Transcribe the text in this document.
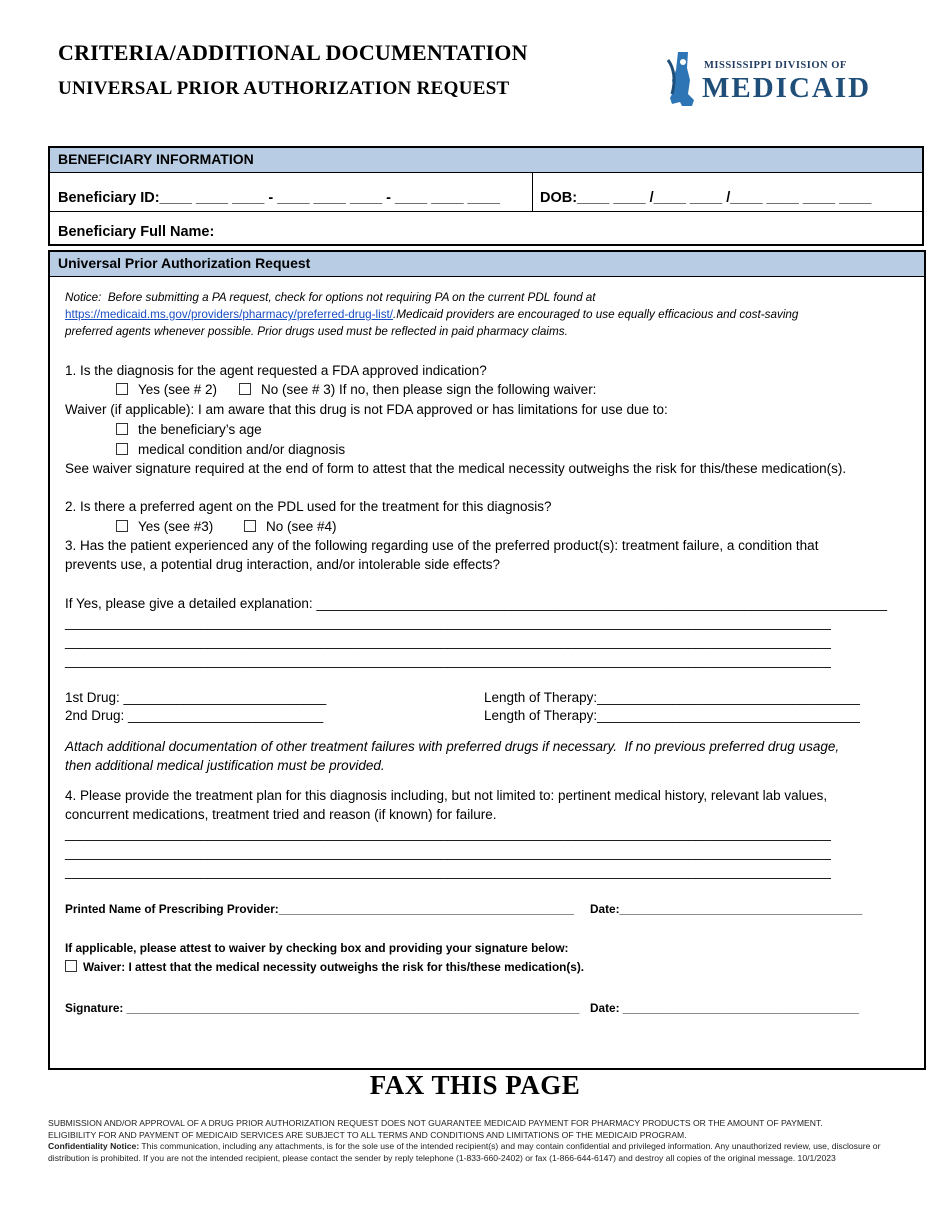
CRITERIA/ADDITIONAL DOCUMENTATION
UNIVERSAL PRIOR AUTHORIZATION REQUEST
MISSISSIPPI DIVISION OF
MEDICAID
BENEFICIARY INFORMATION
Beneficiary ID:____ ____ ____ - ____ ____ ____ - ____ ____ ____	DOB:____ ____ /____ ____ /____ ____ ____ ____
Beneficiary Full Name:
Universal Prior Authorization Request
Notice:  Before submitting a PA request, check for options not requiring PA on the current PDL found at
https://medicaid.ms.gov/providers/pharmacy/preferred-drug-list/.Medicaid providers are encouraged to use equally efficacious and cost-saving
preferred agents whenever possible. Prior drugs used must be reflected in paid pharmacy claims.
1. Is the diagnosis for the agent requested a FDA approved indication?
Yes (see # 2)	No (see # 3) If no, then please sign the following waiver:
Waiver (if applicable): I am aware that this drug is not FDA approved or has limitations for use due to:
the beneficiary’s age
medical condition and/or diagnosis
See waiver signature required at the end of form to attest that the medical necessity outweighs the risk for this/these medication(s).
2. Is there a preferred agent on the PDL used for the treatment for this diagnosis?
Yes (see #3)	No (see #4)
3. Has the patient experienced any of the following regarding use of the preferred product(s): treatment failure, a condition that
prevents use, a potential drug interaction, and/or intolerable side effects?
If Yes, please give a detailed explanation: ____________________________________________________________________________
______________________________________________________________________________________________________
______________________________________________________________________________________________________
______________________________________________________________________________________________________
1st Drug: ___________________________	Length of Therapy:___________________________________
2nd Drug: __________________________	Length of Therapy:___________________________________
Attach additional documentation of other treatment failures with preferred drugs if necessary.  If no previous preferred drug usage,
then additional medical justification must be provided.
4. Please provide the treatment plan for this diagnosis including, but not limited to: pertinent medical history, relevant lab values,
concurrent medications, treatment tried and reason (if known) for failure.
______________________________________________________________________________________________________
______________________________________________________________________________________________________
______________________________________________________________________________________________________
Printed Name of Prescribing Provider:_____________________________________________ Date:_____________________________________
If applicable, please attest to waiver by checking box and providing your signature below:
Waiver: I attest that the medical necessity outweighs the risk for this/these medication(s).
Signature: _____________________________________________________________________ Date: ____________________________________
FAX THIS PAGE

SUBMISSION AND/OR APPROVAL OF A DRUG PRIOR AUTHORIZATION REQUEST DOES NOT GUARANTEE MEDICAID PAYMENT FOR PHARMACY PRODUCTS OR THE AMOUNT OF PAYMENT.

ELIGIBILITY FOR AND PAYMENT OF MEDICAID SERVICES ARE SUBJECT TO ALL TERMS AND CONDITIONS AND LIMITATIONS OF THE MEDICAID PROGRAM.

Confidentiality Notice: This communication, including any attachments, is for the sole use of the intended recipient(s) and may contain confidential and privileged information. Any unauthorized review, use, disclosure or distribution is prohibited. If you are not the intended recipient, please contact the sender by reply telephone (1-833-660-2402) or fax (1-866-644-6147) and destroy all copies of the original message. 10/1/2023
